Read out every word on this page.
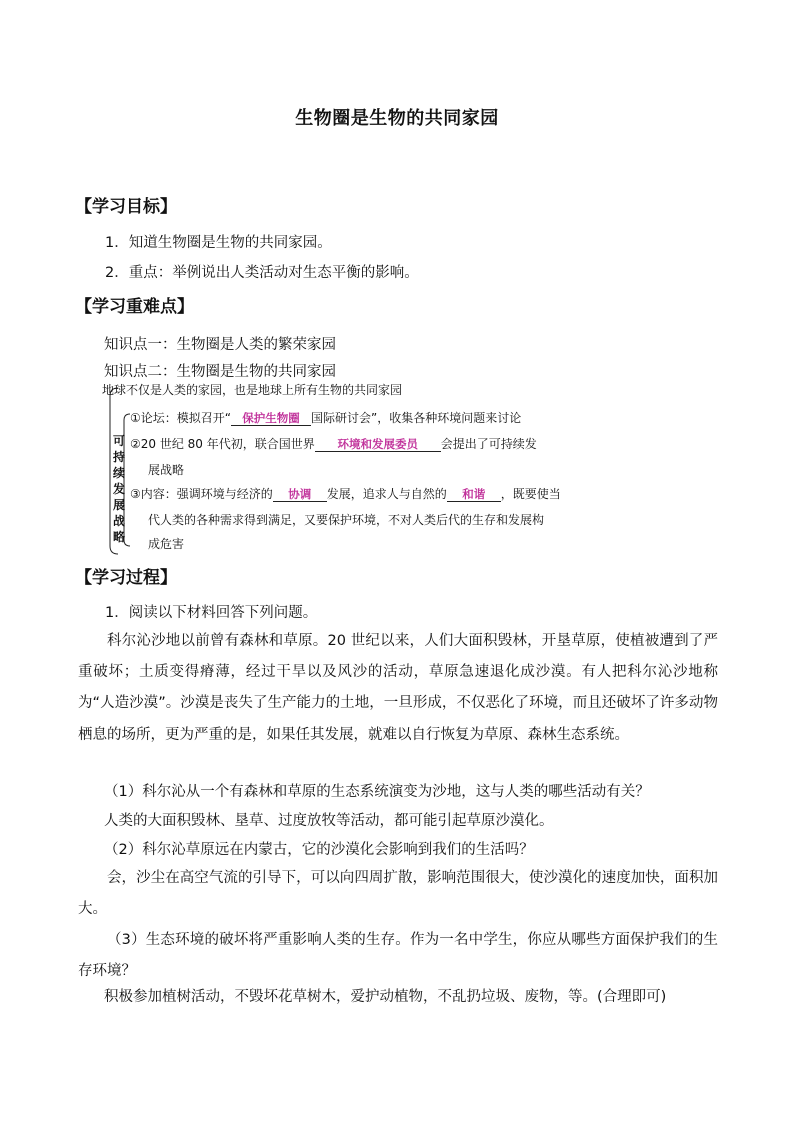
生物圈是生物的共同家园
【学习目标】
1．知道生物圈是生物的共同家园。
2．重点：举例说出人类活动对生态平衡的影响。
【学习重难点】
知识点一：生物圈是人类的繁荣家园
知识点二：生物圈是生物的共同家园
地球不仅是人类的家园，也是地球上所有生物的共同家园
可持续发展战略
①论坛：模拟召开“ 保护生物圈 国际研讨会”，收集各种环境问题来讨论
②20 世纪 80 年代初，联合国世界 环境和发展委员 会提出了可持续发
展战略
③内容：强调环境与经济的 协调 发展，追求人与自然的 和谐 ，既要使当
代人类的各种需求得到满足，又要保护环境，不对人类后代的生存和发展构
成危害
【学习过程】
1．阅读以下材料回答下列问题。
科尔沁沙地以前曾有森林和草原。20 世纪以来，人们大面积毁林，开垦草原，使植被遭到了严重破坏；土质变得瘠薄，经过干旱以及风沙的活动，草原急速退化成沙漠。有人把科尔沁沙地称为“人造沙漠”。沙漠是丧失了生产能力的土地，一旦形成，不仅恶化了环境，而且还破坏了许多动物栖息的场所，更为严重的是，如果任其发展，就难以自行恢复为草原、森林生态系统。
（1）科尔沁从一个有森林和草原的生态系统演变为沙地，这与人类的哪些活动有关？
人类的大面积毁林、垦草、过度放牧等活动，都可能引起草原沙漠化。
（2）科尔沁草原远在内蒙古，它的沙漠化会影响到我们的生活吗？
会，沙尘在高空气流的引导下，可以向四周扩散，影响范围很大，使沙漠化的速度加快，面积加大。
（3）生态环境的破坏将严重影响人类的生存。作为一名中学生，你应从哪些方面保护我们的生存环境？
积极参加植树活动，不毁坏花草树木，爱护动植物，不乱扔垃圾、废物，等。(合理即可)
